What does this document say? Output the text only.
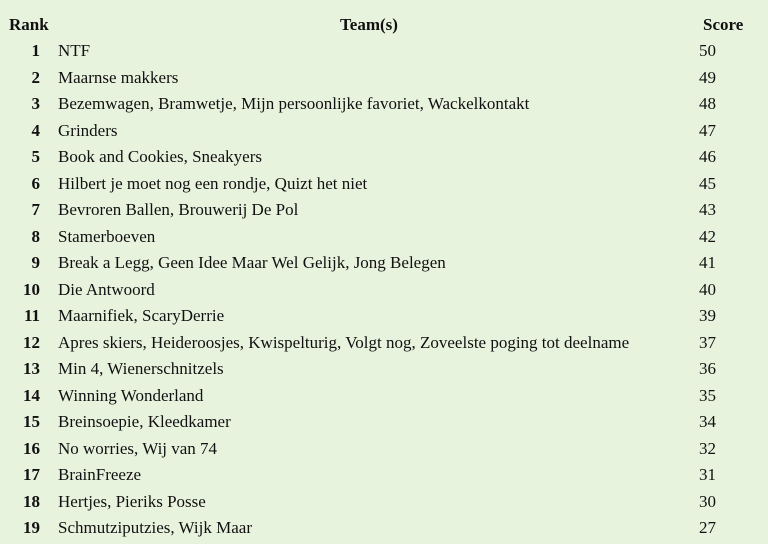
Rank	Team(s)	Score
1 NTF	50
2 Maarnse makkers	49
3 Bezemwagen, Bramwetje, Mijn persoonlijke favoriet, Wackelkontakt	48
4 Grinders	47
5 Book and Cookies, Sneakyers	46
6 Hilbert je moet nog een rondje, Quizt het niet	45
7 Bevroren Ballen, Brouwerij De Pol	43
8 Stamerboeven	42
9 Break a Legg, Geen Idee Maar Wel Gelijk, Jong Belegen	41
10 Die Antwoord	40
11 Maarnifiek, ScaryDerrie	39
12 Apres skiers, Heideroosjes, Kwispelturig, Volgt nog, Zoveelste poging tot deelname	37
13 Min 4, Wienerschnitzels	36
14 Winning Wonderland	35
15 Breinsoepie, Kleedkamer	34
16 No worries, Wij van 74	32
17 BrainFreeze	31
18 Hertjes, Pieriks Posse	30
19 Schmutziputzies, Wijk Maar	27
